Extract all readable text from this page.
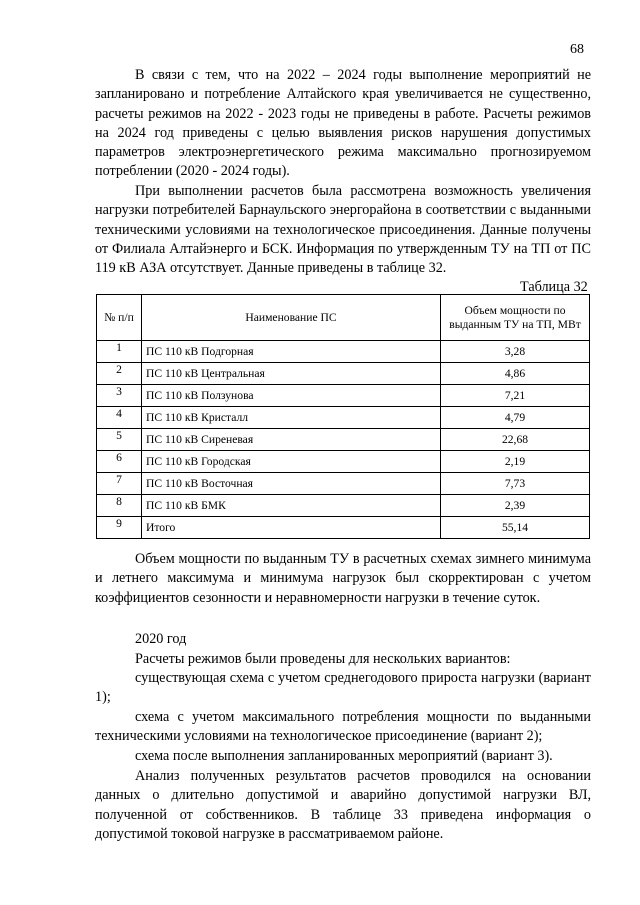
68

В связи с тем, что на 2022 – 2024 годы выполнение мероприятий не запланировано и потребление Алтайского края увеличивается не существенно, расчеты режимов на 2022 - 2023 годы не приведены в работе. Расчеты режимов на 2024 год приведены с целью выявления рисков нарушения допустимых параметров электроэнергетического режима максимально прогнозируемом потреблении (2020 - 2024 годы).

При выполнении расчетов была рассмотрена возможность увеличения нагрузки потребителей Барнаульского энергорайона в соответствии с выданными техническими условиями на технологическое присоединения. Данные получены от Филиала Алтайэнерго и БСК. Информация по утвержденным ТУ на ТП от ПС 119 кВ АЗА отсутствует. Данные приведены в таблице 32.

Таблица 32
№ п/п	Наименование ПС	Объем мощности по выданным ТУ на ТП, МВт
1	ПС 110 кВ Подгорная	3,28
2	ПС 110 кВ Центральная	4,86
3	ПС 110 кВ Ползунова	7,21
4	ПС 110 кВ Кристалл	4,79
5	ПС 110 кВ Сиреневая	22,68
6	ПС 110 кВ Городская	2,19
7	ПС 110 кВ Восточная	7,73
8	ПС 110 кВ БМК	2,39
9	Итого	55,14

Объем мощности по выданным ТУ в расчетных схемах зимнего минимума и летнего максимума и минимума нагрузок был скорректирован с учетом коэффициентов сезонности и неравномерности нагрузки в течение суток.

2020 год
Расчеты режимов были проведены для нескольких вариантов:

существующая схема с учетом среднегодового прироста нагрузки (вариант 1);

схема с учетом максимального потребления мощности по выданными техническими условиями на технологическое присоединение (вариант 2);

схема после выполнения запланированных мероприятий (вариант 3).

Анализ полученных результатов расчетов проводился на основании данных о длительно допустимой и аварийно допустимой нагрузки ВЛ, полученной от собственников. В таблице 33 приведена информация о допустимой токовой нагрузке в рассматриваемом районе.
